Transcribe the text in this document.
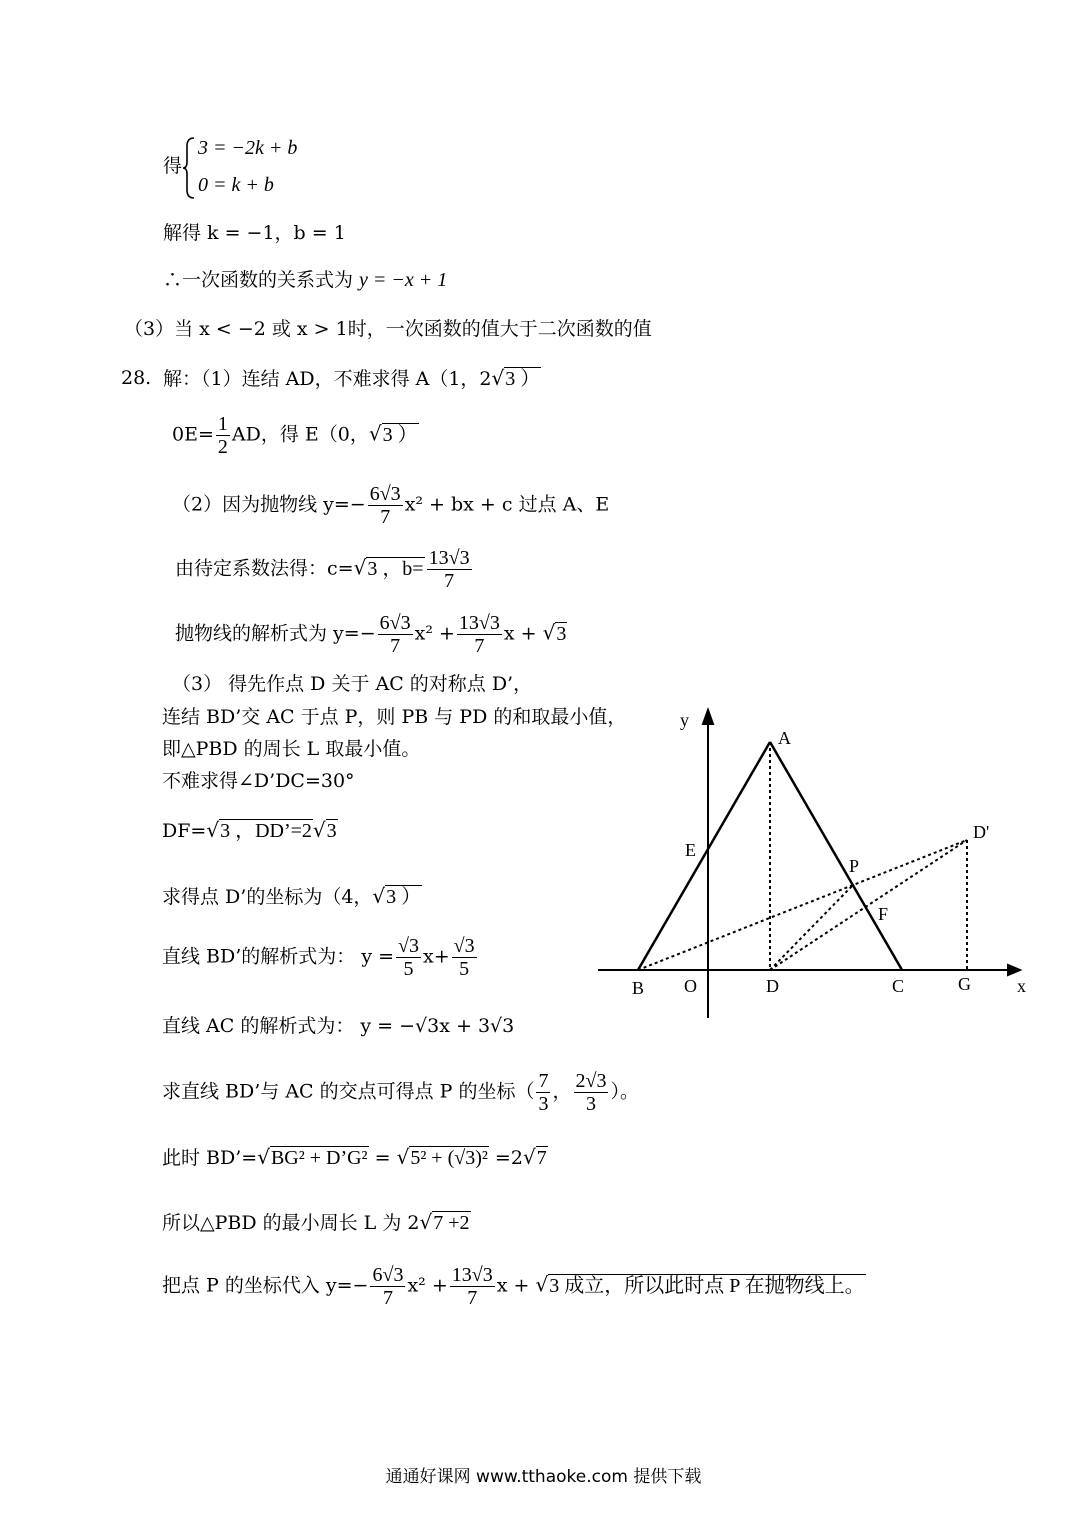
得
3 = −2k + b
0 = k + b
解得 k = −1，b = 1
∴一次函数的关系式为 y = −x + 1
（3）当 x < −2 或 x > 1时，一次函数的值大于二次函数的值
28. 解：（1）连结 AD，不难求得 A（1，2√3 ）
$0E= \frac{1}{2}$ AD，得 E（0，√3 ）
（2）因为抛物线 $y=- \frac{6√3}{7} x^2$ + bx + c 过点 A、E
由待定系数法得：c=√3 ，$b= \frac{13√3}{7}$
抛物线的解析式为 $y=- \frac{6√3}{7} x^2 + \frac{13√3}{7}$ x + √3
（3） 得先作点 D 关于 AC 的对称点 D’，
连结 BD’交 AC 于点 P，则 PB 与 PD 的和取最小值，
即△PBD 的周长 L 取最小值。
不难求得∠D’DC=30°
DF=√3 ，DD’=2√3
求得点 D’的坐标为（4，√3 ）
直线 BD’的解析式为： $y = \frac{√3}{5} x+ \frac{√3}{5}$
直线 AC 的解析式为： y = −√3x + 3√3
求直线 BD’与 AC 的交点可得点 P 的坐标（ $\frac{7}{3}$ ， $\frac{2√3}{3}$ ）。
此时 BD’=√BG² + D’G² = √5² + (√3)² =2√7
所以△PBD 的最小周长 L 为 2√7 +2
把点 P 的坐标代入 $y=- \frac{6√3}{7} x^2 + \frac{13√3}{7}$ x + √3 成立，所以此时点 P 在抛物线上。
y
x
A
E
P
F
D'
B O	D	C	G
通通好课网 www.tthaoke.com 提供下载
